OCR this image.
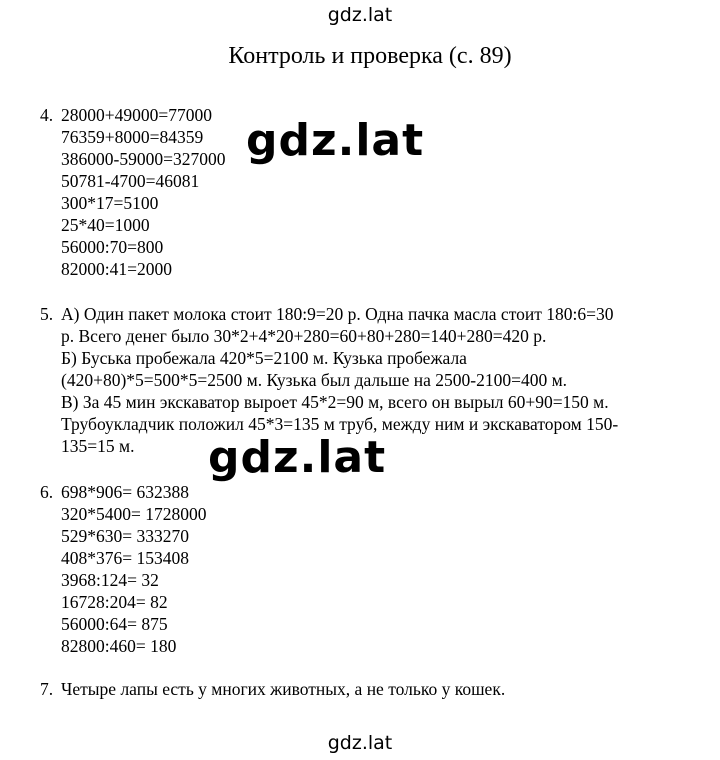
gdz.lat
Контроль и проверка (с. 89)
4. 28000+49000=77000
76359+8000=84359
386000-59000=327000
50781-4700=46081
300*17=5100
25*40=1000
56000:70=800
82000:41=2000
5. А) Один пакет молока стоит 180:9=20 р. Одна пачка масла стоит 180:6=30
р. Всего денег было 30*2+4*20+280=60+80+280=140+280=420 р.
Б) Буська пробежала 420*5=2100 м. Кузька пробежала
(420+80)*5=500*5=2500 м. Кузька был дальше на 2500-2100=400 м.
В) За 45 мин экскаватор выроет 45*2=90 м, всего он вырыл 60+90=150 м.
Трубоукладчик положил 45*3=135 м труб, между ним и экскаватором 150-
135=15 м.
6. 698*906= 632388
320*5400= 1728000
529*630= 333270
408*376= 153408
3968:124= 32
16728:204= 82
56000:64= 875
82800:460= 180
7. Четыре лапы есть у многих животных, а не только у кошек.
gdz.lat
gdz.lat
gdz.lat
